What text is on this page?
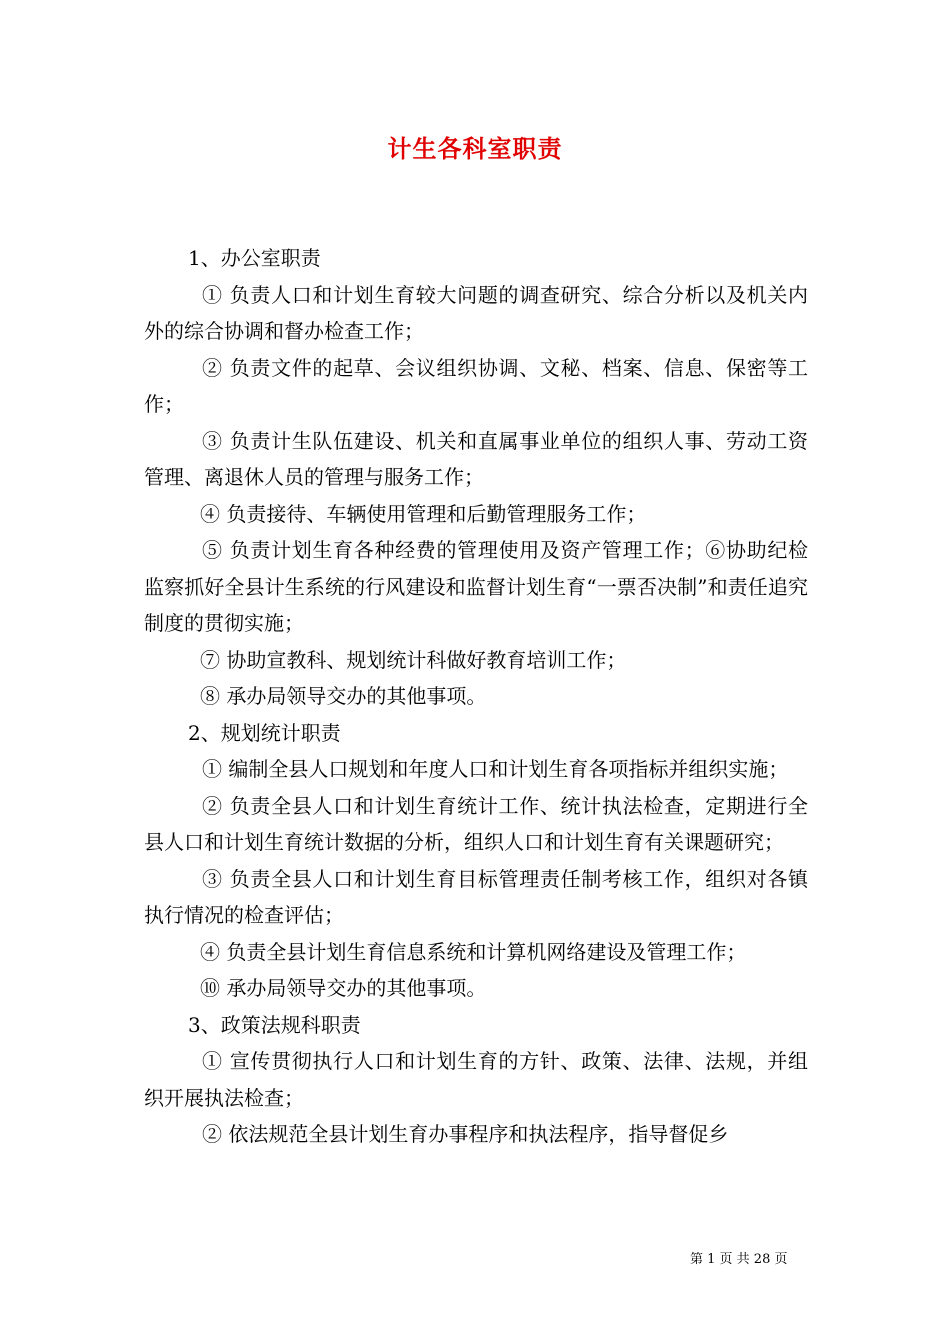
计生各科室职责

1、办公室职责

① 负责人口和计划生育较大问题的调查研究、综合分析以及机关内外的综合协调和督办检查工作；

② 负责文件的起草、会议组织协调、文秘、档案、信息、保密等工作；

③ 负责计生队伍建设、机关和直属事业单位的组织人事、劳动工资管理、离退休人员的管理与服务工作；

④ 负责接待、车辆使用管理和后勤管理服务工作；

⑤ 负责计划生育各种经费的管理使用及资产管理工作；⑥协助纪检监察抓好全县计生系统的行风建设和监督计划生育“一票否决制”和责任追究制度的贯彻实施；

⑦ 协助宣教科、规划统计科做好教育培训工作；

⑧ 承办局领导交办的其他事项。

2、规划统计职责

① 编制全县人口规划和年度人口和计划生育各项指标并组织实施；

② 负责全县人口和计划生育统计工作、统计执法检查，定期进行全县人口和计划生育统计数据的分析，组织人口和计划生育有关课题研究；

③ 负责全县人口和计划生育目标管理责任制考核工作，组织对各镇执行情况的检查评估；

④ 负责全县计划生育信息系统和计算机网络建设及管理工作；

⑩ 承办局领导交办的其他事项。

3、政策法规科职责

① 宣传贯彻执行人口和计划生育的方针、政策、法律、法规，并组织开展执法检查；

② 依法规范全县计划生育办事程序和执法程序，指导督促乡

第 1 页 共 28 页
